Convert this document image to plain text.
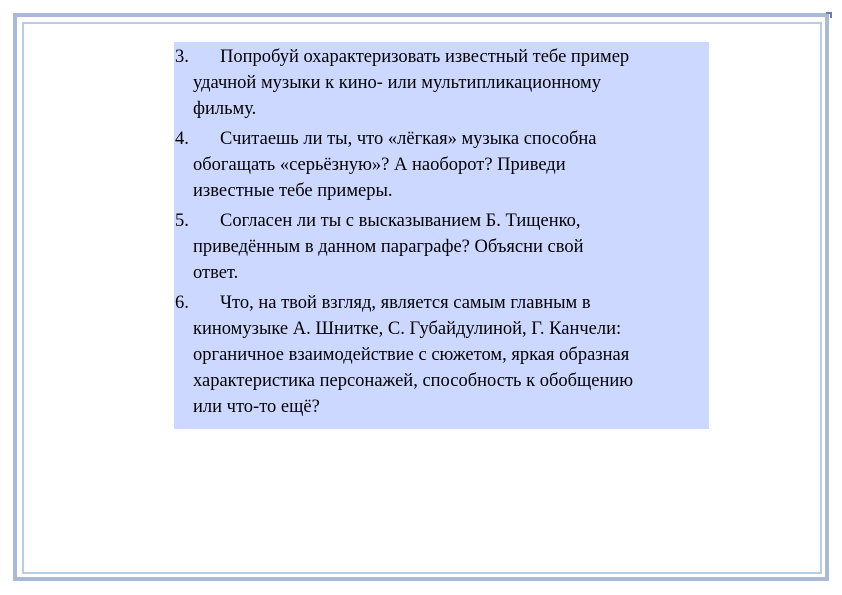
3.	Попробуй охарактеризовать известный тебе пример
удачной музыки к кино- или мультипликационному
фильму.
4.	Считаешь ли ты, что «лёгкая» музыка способна
обогащать «серьёзную»? А наоборот? Приведи
известные тебе примеры.
5.	Согласен ли ты с высказыванием Б. Тищенко,
приведённым в данном параграфе? Объясни свой
ответ.
6.	Что, на твой взгляд, является самым главным в
киномузыке А. Шнитке, С. Губайдулиной, Г. Канчели:
органичное взаимодействие с сюжетом, яркая образная
характеристика персонажей, способность к обобщению
или что-то ещё?
